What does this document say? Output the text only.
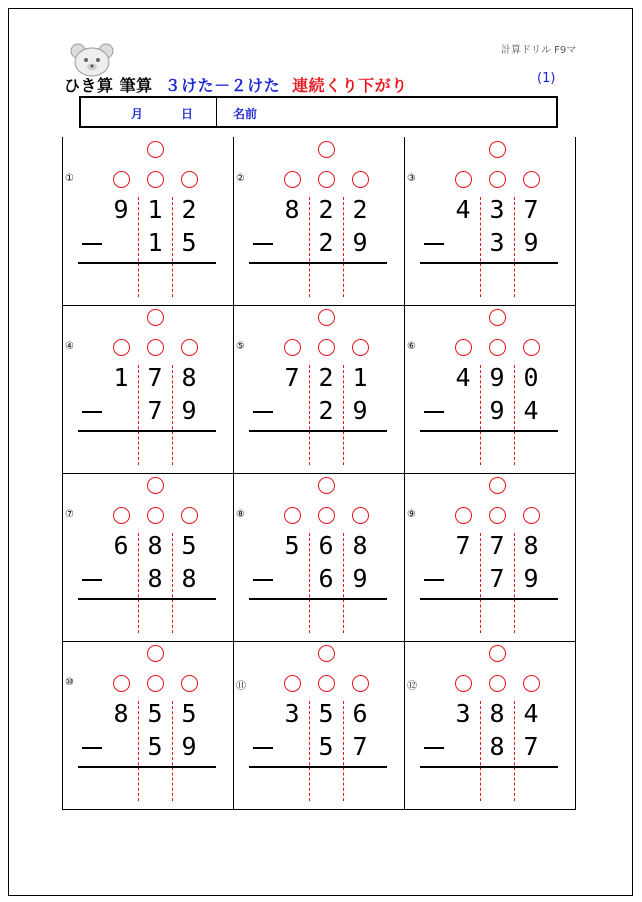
計算ドリル F9マ
ひき算 筆算 ３けた－２けた 連続くり下がり	(1)
月	日	名前
①
9 1 2
1 5
②
8 2 2
2 9
③
4 3 7
3 9
④
1 7 8
7 9
⑤
7 2 1
2 9
⑥
4 9 0
9 4
⑦
6 8 5
8 8
⑧
5 6 8
6 9
⑨
7 7 8
7 9
⑩
8 5 5
5 9
⑪
3 5 6
5 7
⑫
3 8 4
8 7
